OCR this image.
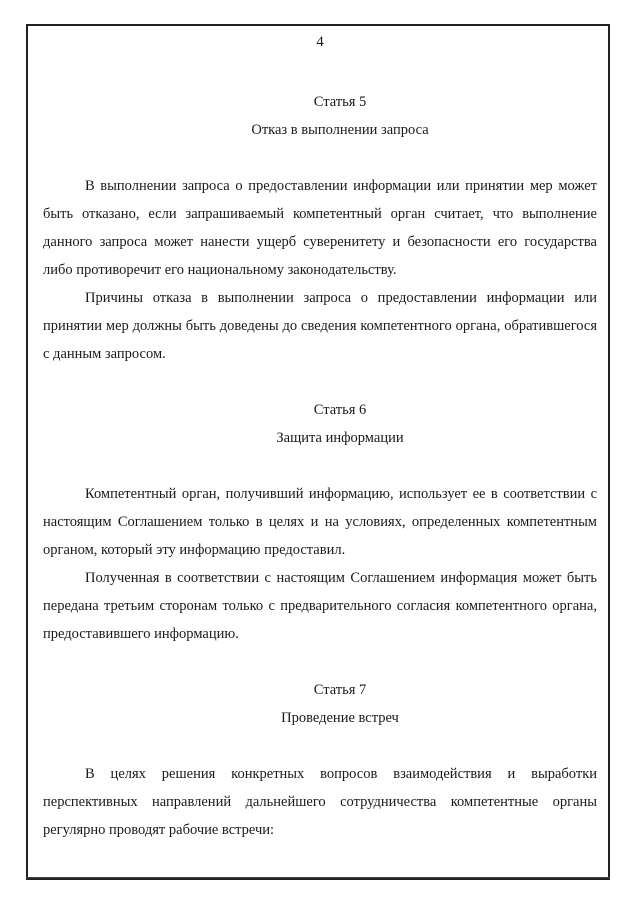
4
Статья 5
Отказ в выполнении запроса

В выполнении запроса о предоставлении информации или принятии мер может быть отказано, если запрашиваемый компетентный орган считает, что выполнение данного запроса может нанести ущерб суверенитету и безопасности его государства либо противоречит его национальному законодательству.

Причины отказа в выполнении запроса о предоставлении информации или принятии мер должны быть доведены до сведения компетентного органа, обратившегося с данным запросом.

Статья 6
Защита информации

Компетентный орган, получивший информацию, использует ее в соответствии с настоящим Соглашением только в целях и на условиях, определенных компетентным органом, который эту информацию предоставил.

Полученная в соответствии с настоящим Соглашением информация может быть передана третьим сторонам только с предварительного согласия компетентного органа, предоставившего информацию.

Статья 7
Проведение встреч

В целях решения конкретных вопросов взаимодействия и выработки перспективных направлений дальнейшего сотрудничества компетентные органы регулярно проводят рабочие встречи:
